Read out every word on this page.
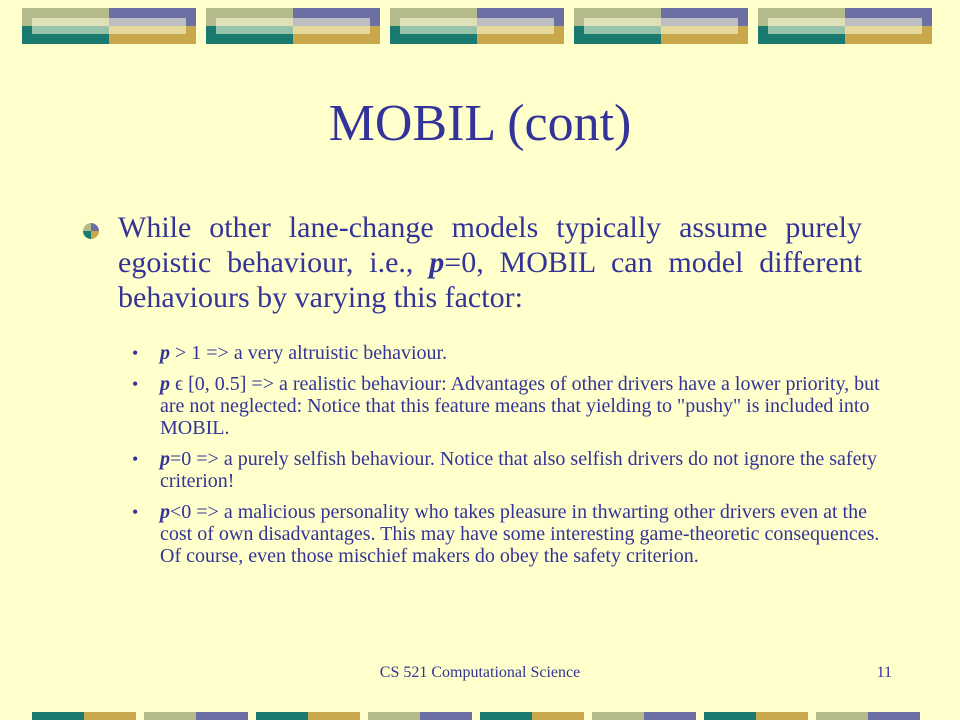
MOBIL (cont)
While other lane-change models typically assume purely egoistic behaviour, i.e., p=0, MOBIL can model different behaviours by varying this factor:
• p > 1 => a very altruistic behaviour.
• p ϵ [0, 0.5] => a realistic behaviour: Advantages of other drivers have a lower priority, but are not neglected: Notice that this feature means that yielding to "pushy" is included into MOBIL.
• p=0 => a purely selfish behaviour. Notice that also selfish drivers do not ignore the safety criterion!
• p<0 => a malicious personality who takes pleasure in thwarting other drivers even at the cost of own disadvantages. This may have some interesting game-theoretic consequences. Of course, even those mischief makers do obey the safety criterion.
CS 521 Computational Science	11
